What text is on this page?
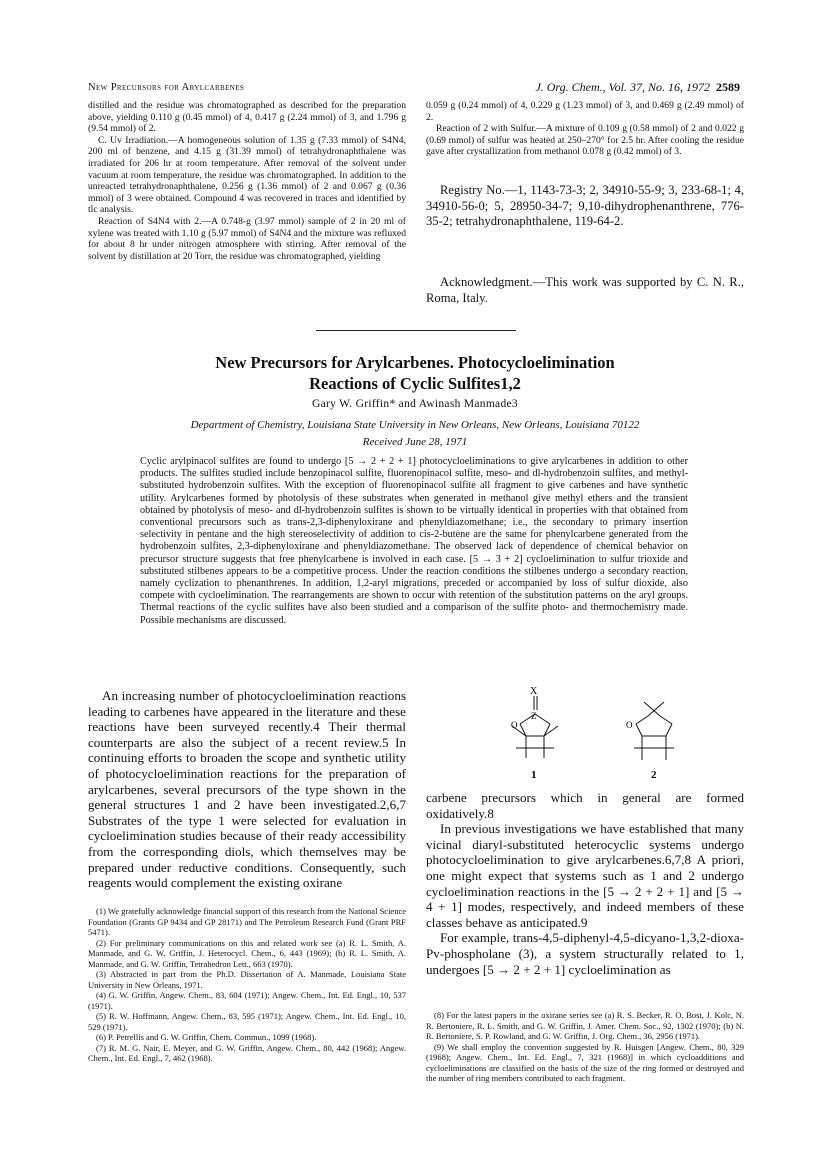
New Precursors for Arylcarbenes	J. Org. Chem., Vol. 37, No. 16, 1972 2589

distilled and the residue was chromatographed as described for the preparation above, yielding 0.110 g (0.45 mmol) of 4, 0.417 g (2.24 mmol) of 3, and 1.796 g (9.54 mmol) of 2.

C. Uv Irradiation.—A homogeneous solution of 1.35 g (7.33 mmol) of S4N4, 200 ml of benzene, and 4.15 g (31.39 mmol) of tetrahydronaphthalene was irradiated for 206 hr at room temperature. After removal of the solvent under vacuum at room temperature, the residue was chromatographed. In addition to the unreacted tetrahydronaphthalene, 0.256 g (1.36 mmol) of 2 and 0.067 g (0.36 mmol) of 3 were obtained. Compound 4 was recovered in traces and identified by tlc analysis.

Reaction of S4N4 with 2.—A 0.748-g (3.97 mmol) sample of 2 in 20 ml of xylene was treated with 1.10 g (5.97 mmol) of S4N4 and the mixture was refluxed for about 8 hr under nitrogen atmosphere with stirring. After removal of the solvent by distillation at 20 Torr, the residue was chromatographed, yielding

0.059 g (0.24 mmol) of 4, 0.229 g (1.23 mmol) of 3, and 0.469 g (2.49 mmol) of 2.

Reaction of 2 with Sulfur.—A mixture of 0.109 g (0.58 mmol) of 2 and 0.022 g (0.69 mmol) of sulfur was heated at 250–270° for 2.5 hr. After cooling the residue gave after crystallization from methanol 0.078 g (0.42 mmol) of 3.

Registry No.—1, 1143-73-3; 2, 34910-55-9; 3, 233-68-1; 4, 34910-56-0; 5, 28950-34-7; 9,10-dihydrophenanthrene, 776-35-2; tetrahydronaphthalene, 119-64-2.
Acknowledgment.—This work was supported by C. N. R., Roma, Italy.
New Precursors for Arylcarbenes. Photocycloelimination
Reactions of Cyclic Sulfites1,2
Gary W. Griffin* and Awinash Manmade3
Department of Chemistry, Louisiana State University in New Orleans, New Orleans, Louisiana 70122
Received June 28, 1971
Cyclic arylpinacol sulfites are found to undergo [5 → 2 + 2 + 1] photocycloeliminations to give arylcarbenes in addition to other products. The sulfites studied include benzopinacol sulfite, fluorenopinacol sulfite, meso- and dl-hydrobenzoin sulfites, and methyl-substituted hydrobenzoin sulfites. With the exception of fluorenopinacol sulfite all fragment to give carbenes and have synthetic utility. Arylcarbenes formed by photolysis of these substrates when generated in methanol give methyl ethers and the transient obtained by photolysis of meso- and dl-hydrobenzoin sulfites is shown to be virtually identical in properties with that obtained from conventional precursors such as trans-2,3-diphenyloxirane and phenyldiazomethane; i.e., the secondary to primary insertion selectivity in pentane and the high stereoselectivity of addition to cis-2-butene are the same for phenylcarbene generated from the hydrobenzoin sulfites, 2,3-diphenyloxirane and phenyldiazomethane. The observed lack of dependence of chemical behavior on precursor structure suggests that free phenylcarbene is involved in each case. [5 → 3 + 2] cycloelimination to sulfur trioxide and substituted stilbenes appears to be a competitive process. Under the reaction conditions the stilbenes undergo a secondary reaction, namely cyclization to phenanthrenes. In addition, 1,2-aryl migrations, preceded or accompanied by loss of sulfur dioxide, also compete with cycloelimination. The rearrangements are shown to occur with retention of the substitution patterns on the aryl groups. Thermal reactions of the cyclic sulfites have also been studied and a comparison of the sulfite photo- and thermochemistry made. Possible mechanisms are discussed.
An increasing number of photocycloelimination reactions leading to carbenes have appeared in the literature and these reactions have been surveyed recently.4 Their thermal counterparts are also the subject of a recent review.5 In continuing efforts to broaden the scope and synthetic utility of photocycloelimination reactions for the preparation of arylcarbenes, several precursors of the type shown in the general structures 1 and 2 have been investigated.2,6,7 Substrates of the type 1 were selected for evaluation in cycloelimination studies because of their ready accessibility from the corresponding diols, which themselves may be prepared under reductive conditions. Consequently, such reagents would complement the existing oxirane

(1) We gratefully acknowledge financial support of this research from the National Science Foundation (Grants GP 9434 and GP 28171) and The Petroleum Research Fund (Grant PRF 5471).

(2) For preliminary communications on this and related work see (a) R. L. Smith, A. Manmade, and G. W. Griffin, J. Heterocycl. Chem., 6, 443 (1969); (b) R. L. Smith, A. Manmade, and G. W. Griffin, Tetrahedron Lett., 663 (1970).

(3) Abstracted in part from the Ph.D. Dissertation of A. Manmade, Louisiana State University in New Orleans, 1971.

(4) G. W. Griffin, Angew. Chem., 83, 604 (1971); Angew. Chem., Int. Ed. Engl., 10, 537 (1971).

(5) R. W. Hoffmann, Angew. Chem., 83, 595 (1971); Angew. Chem., Int. Ed. Engl., 10, 529 (1971).

(6) P. Petrellis and G. W. Griffin, Chem. Commun., 1099 (1968).

(7) R. M. G. Nair, E. Meyer, and G. W. Griffin, Angew. Chem., 80, 442 (1968); Angew. Chem., Int. Ed. Engl., 7, 462 (1968).

X
Z
O
1
O
2

carbene precursors which in general are formed oxidatively.8

In previous investigations we have established that many vicinal diaryl-substituted heterocyclic systems undergo photocycloelimination to give arylcarbenes.6,7,8 A priori, one might expect that systems such as 1 and 2 undergo cycloelimination reactions in the [5 → 2 + 2 + 1] and [5 → 4 + 1] modes, respectively, and indeed members of these classes behave as anticipated.9

For example, trans-4,5-diphenyl-4,5-dicyano-1,3,2-dioxa-Pv-phospholane (3), a system structurally related to 1, undergoes [5 → 2 + 2 + 1] cycloelimination as

(8) For the latest papers in the oxirane series see (a) R. S. Becker, R. O. Bost, J. Kolc, N. R. Bertoniere, R. L. Smith, and G. W. Griffin, J. Amer. Chem. Soc., 92, 1302 (1970); (b) N. R. Bertoniere, S. P. Rowland, and G. W. Griffin, J. Org. Chem., 36, 2956 (1971).

(9) We shall employ the convention suggested by R. Huisgen [Angew. Chem., 80, 329 (1968); Angew. Chem., Int. Ed. Engl., 7, 321 (1968)] in which cycloadditions and cycloeliminations are classified on the basis of the size of the ring formed or destroyed and the number of ring members contributed to each fragment.
